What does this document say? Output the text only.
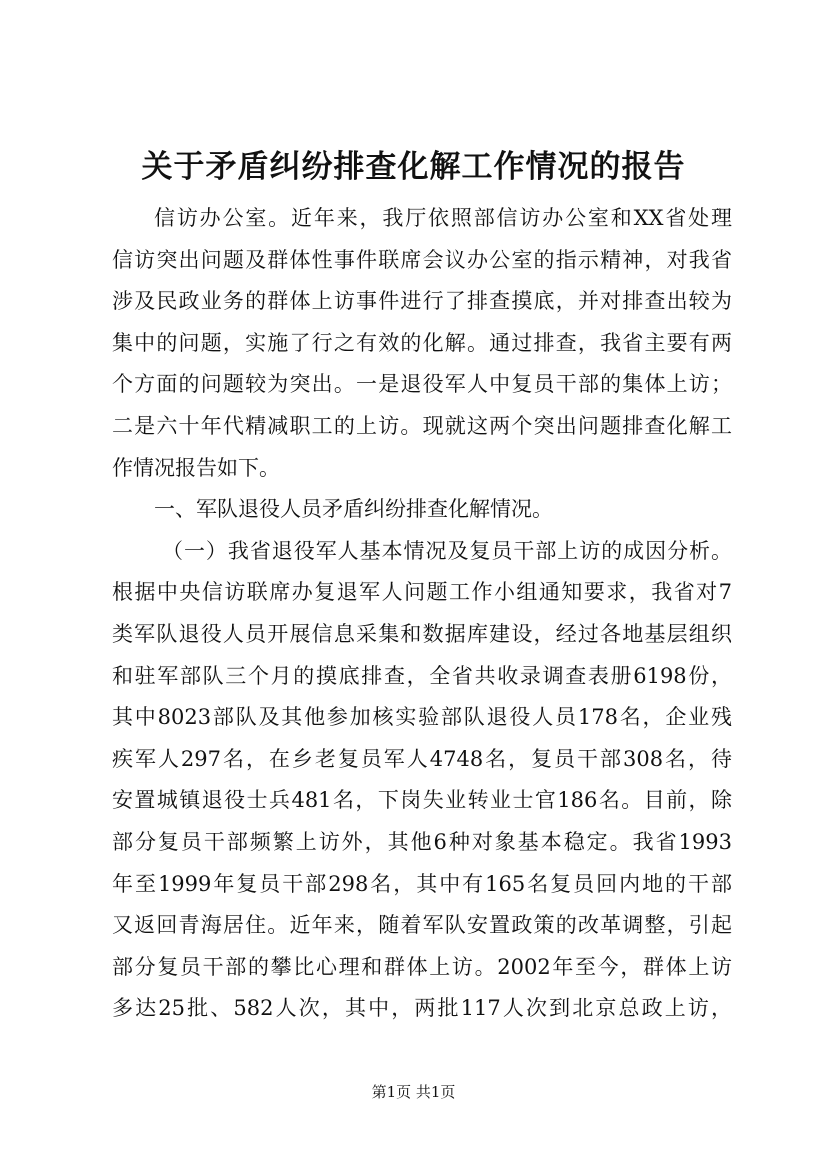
关于矛盾纠纷排查化解工作情况的报告
信访办公室。近年来，我厅依照部信访办公室和XX省处理
信访突出问题及群体性事件联席会议办公室的指示精神，对我省
涉及民政业务的群体上访事件进行了排查摸底，并对排查出较为
集中的问题，实施了行之有效的化解。通过排查，我省主要有两
个方面的问题较为突出。一是退役军人中复员干部的集体上访；
二是六十年代精减职工的上访。现就这两个突出问题排查化解工
作情况报告如下。
一、军队退役人员矛盾纠纷排查化解情况。
（一）我省退役军人基本情况及复员干部上访的成因分析。
根据中央信访联席办复退军人问题工作小组通知要求，我省对7
类军队退役人员开展信息采集和数据库建设，经过各地基层组织
和驻军部队三个月的摸底排查，全省共收录调查表册6198份，
其中8023部队及其他参加核实验部队退役人员178名，企业残
疾军人297名，在乡老复员军人4748名，复员干部308名，待
安置城镇退役士兵481名，下岗失业转业士官186名。目前，除
部分复员干部频繁上访外，其他6种对象基本稳定。我省1993
年至1999年复员干部298名，其中有165名复员回内地的干部
又返回青海居住。近年来，随着军队安置政策的改革调整，引起
部分复员干部的攀比心理和群体上访。2002年至今，群体上访
多达25批、582人次，其中，两批117人次到北京总政上访，
第1页 共1页
